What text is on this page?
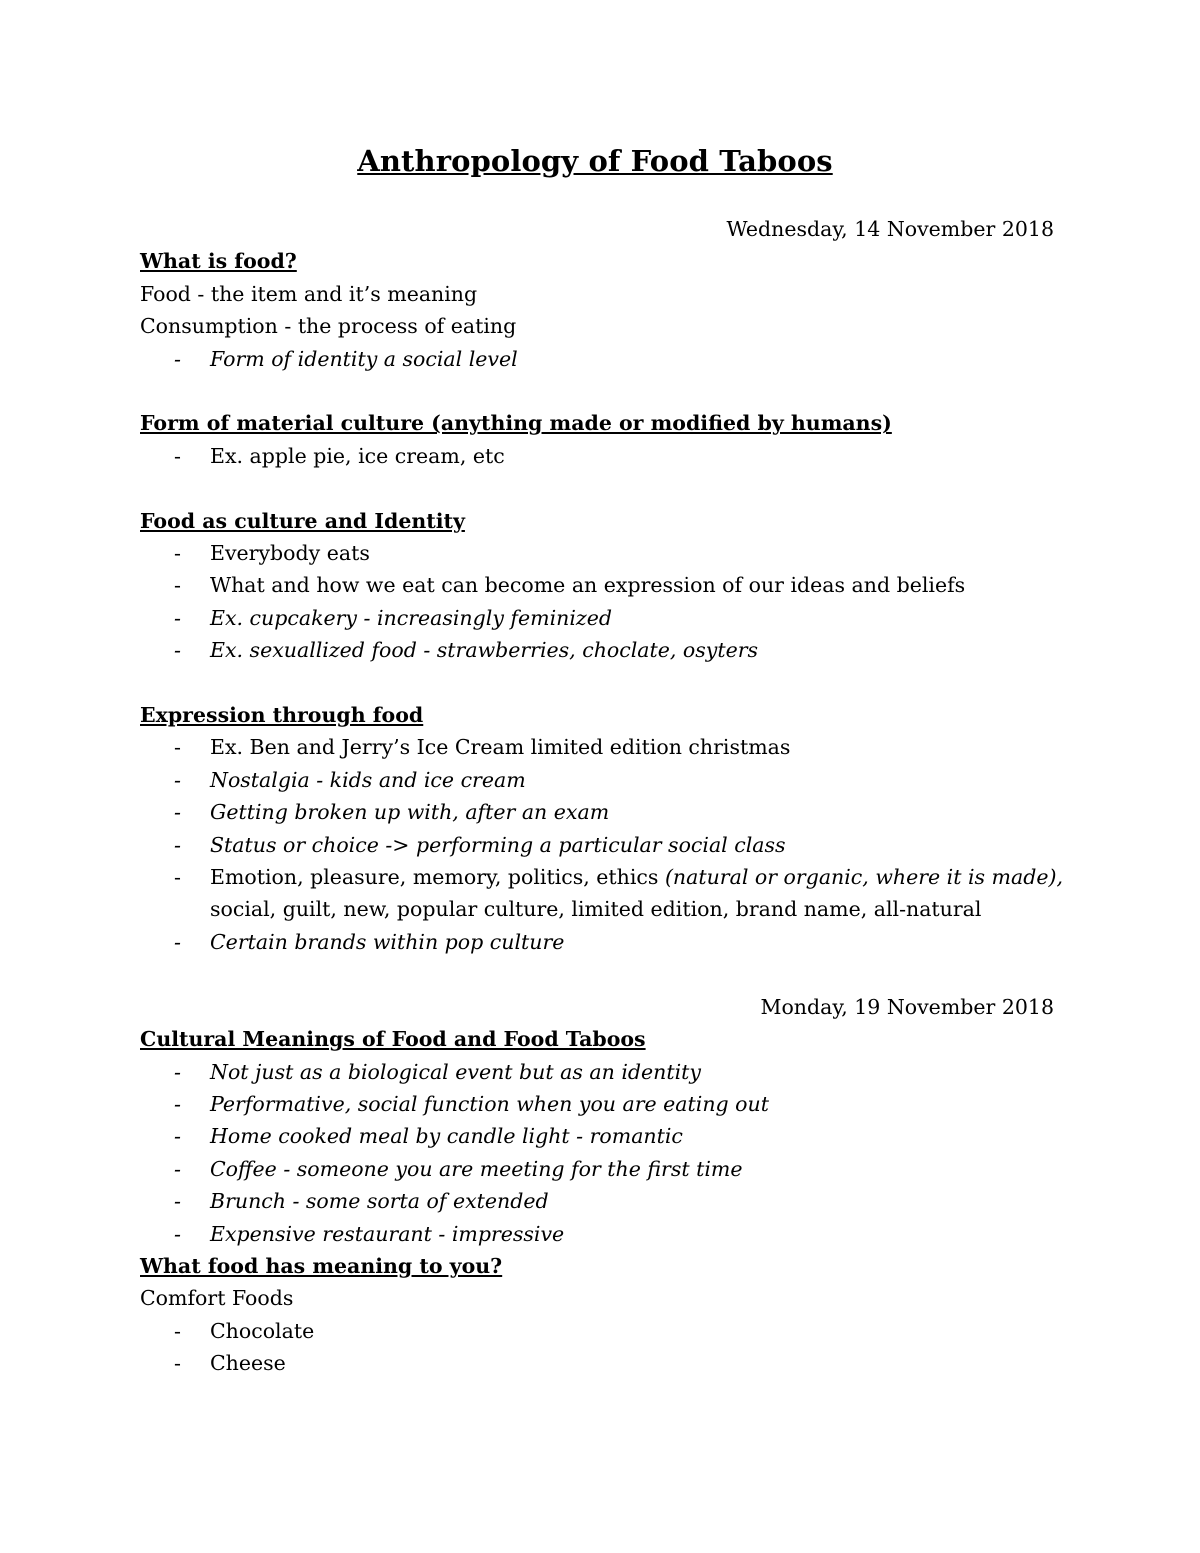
Anthropology of Food Taboos
Wednesday, 14 November 2018
What is food?
Food - the item and it’s meaning
Consumption - the process of eating
- Form of identity a social level
Form of material culture (anything made or modified by humans)
- Ex. apple pie, ice cream, etc
Food as culture and Identity
- Everybody eats
- What and how we eat can become an expression of our ideas and beliefs
- Ex. cupcakery - increasingly feminized
- Ex. sexuallized food - strawberries, choclate, osyters
Expression through food
- Ex. Ben and Jerry’s Ice Cream limited edition christmas
- Nostalgia - kids and ice cream
- Getting broken up with, after an exam
- Status or choice -> performing a particular social class
- Emotion, pleasure, memory, politics, ethics (natural or organic, where it is made),
social, guilt, new, popular culture, limited edition, brand name, all-natural
- Certain brands within pop culture
Monday, 19 November 2018
Cultural Meanings of Food and Food Taboos
- Not just as a biological event but as an identity
- Performative, social function when you are eating out
- Home cooked meal by candle light - romantic
- Coffee - someone you are meeting for the first time
- Brunch - some sorta of extended
- Expensive restaurant - impressive
What food has meaning to you?
Comfort Foods
- Chocolate
- Cheese
